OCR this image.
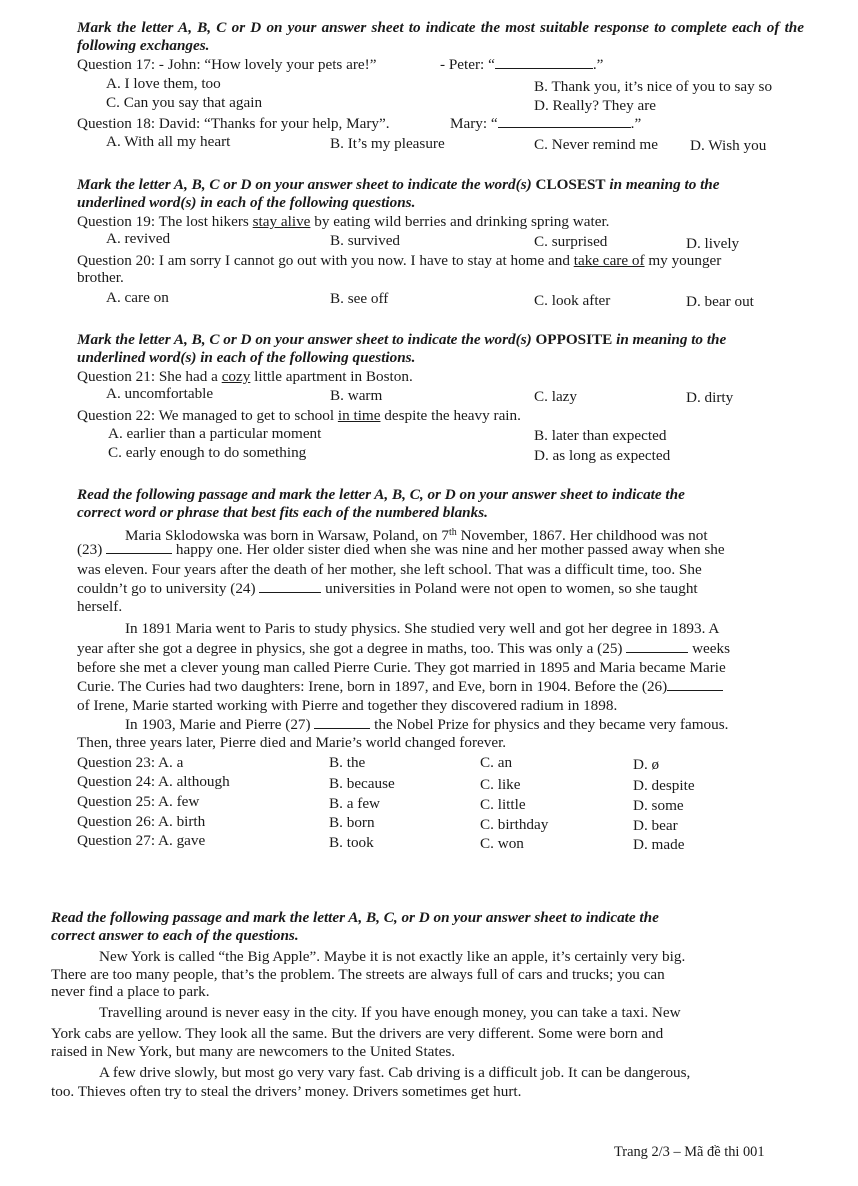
Mark the letter A, B, C or D on your answer sheet to indicate the most suitable response to complete each of the following exchanges.
Question 17: - John: “How lovely your pets are!”	- Peter: “	.”
A. I love them, too	B. Thank you, it’s nice of you to say so
C. Can you say that again	D. Really? They are
Question 18: David: “Thanks for your help, Mary”.	Mary: “	.”
A. With all my heart	B. It’s my pleasure	C. Never remind me D. Wish you
Mark the letter A, B, C or D on your answer sheet to indicate the word(s) CLOSEST in meaning to the
underlined word(s) in each of the following questions.
Question 19: The lost hikers stay alive by eating wild berries and drinking spring water.
A. revived	B. survived	C. surprised	D. lively
Question 20: I am sorry I cannot go out with you now. I have to stay at home and take care of my younger
brother.
A. care on	B. see off	C. look after	D. bear out
Mark the letter A, B, C or D on your answer sheet to indicate the word(s) OPPOSITE in meaning to the
underlined word(s) in each of the following questions.
Question 21: She had a cozy little apartment in Boston.
A. uncomfortable	B. warm	C. lazy	D. dirty
Question 22: We managed to get to school in time despite the heavy rain.
A. earlier than a particular moment	B. later than expected
C. early enough to do something	D. as long as expected
Read the following passage and mark the letter A, B, C, or D on your answer sheet to indicate the
correct word or phrase that best fits each of the numbered blanks.
Maria Sklodowska was born in Warsaw, Poland, on 7th November, 1867. Her childhood was not
(23)	happy one. Her older sister died when she was nine and her mother passed away when she
was eleven. Four years after the death of her mother, she left school. That was a difficult time, too. She
couldn’t go to university (24)	universities in Poland were not open to women, so she taught
herself.
In 1891 Maria went to Paris to study physics. She studied very well and got her degree in 1893. A
year after she got a degree in physics, she got a degree in maths, too. This was only a (25)	weeks
before she met a clever young man called Pierre Curie. They got married in 1895 and Maria became Marie
Curie. The Curies had two daughters: Irene, born in 1897, and Eve, born in 1904. Before the (26)
of Irene, Marie started working with Pierre and together they discovered radium in 1898.
In 1903, Marie and Pierre (27)	the Nobel Prize for physics and they became very famous.
Then, three years later, Pierre died and Marie’s world changed forever.
Question 23: A. a	B. the	C. an	D. ø
Question 24: A. although	B. because	C. like	D. despite
Question 25: A. few	B. a few	C. little	D. some
Question 26: A. birth	B. born	C. birthday	D. bear
Question 27: A. gave	B. took	C. won	D. made
Read the following passage and mark the letter A, B, C, or D on your answer sheet to indicate the
correct answer to each of the questions.
New York is called “the Big Apple”. Maybe it is not exactly like an apple, it’s certainly very big.
There are too many people, that’s the problem. The streets are always full of cars and trucks; you can
never find a place to park.
Travelling around is never easy in the city. If you have enough money, you can take a taxi. New
York cabs are yellow. They look all the same. But the drivers are very different. Some were born and
raised in New York, but many are newcomers to the United States.
A few drive slowly, but most go very vary fast. Cab driving is a difficult job. It can be dangerous,
too. Thieves often try to steal the drivers’ money. Drivers sometimes get hurt.
Trang 2/3 – Mã đề thi 001
